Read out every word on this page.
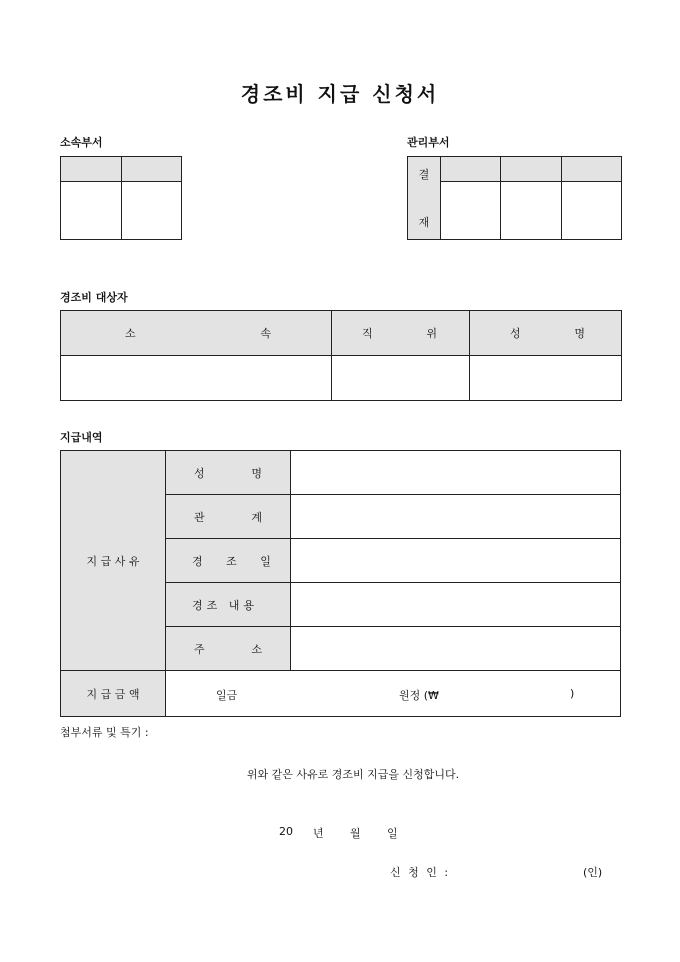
경조비 지급 신청서
소속부서

		관리부서
결
재			

경조비 대상자
소 속	직 위	성 명

지급내역
지 급 사 유	성 명	

	관 계	

	경 조 일	

	경조 내용	

	주 소	

지 급 금 액	일금 원정 (₩ )	
첨부서류 및 특기 :
위와 같은 사유로 경조비 지급을 신청합니다.
20 년 월 일
신 청 인 :	(인)
